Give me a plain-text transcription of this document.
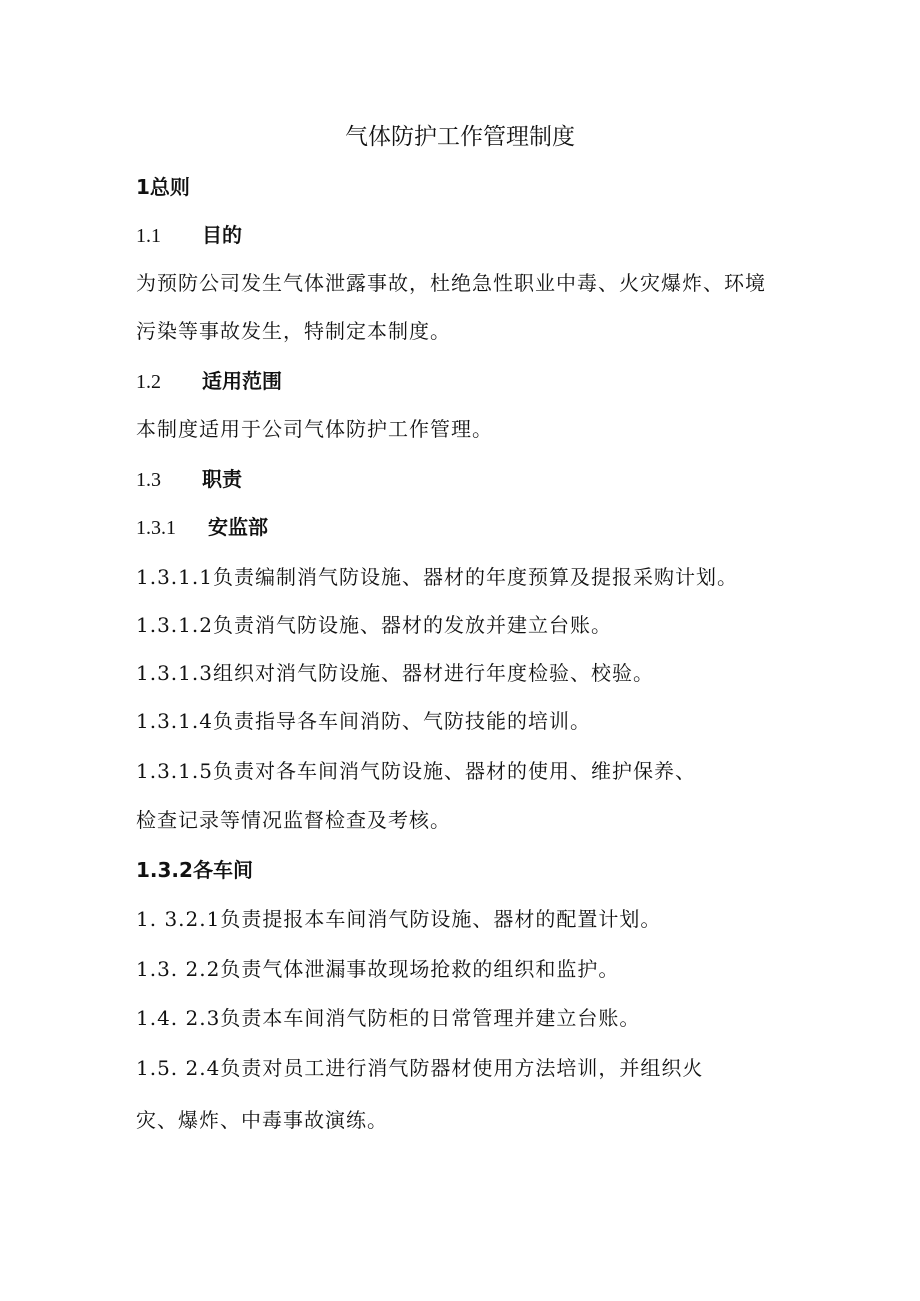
气体防护工作管理制度
1总则
1.1 目的
为预防公司发生气体泄露事故，杜绝急性职业中毒、火灾爆炸、环境
污染等事故发生，特制定本制度。
1.2 适用范围
本制度适用于公司气体防护工作管理。
1.3 职责
1.3.1 安监部
1.3.1.1负责编制消气防设施、器材的年度预算及提报采购计划。
1.3.1.2负责消气防设施、器材的发放并建立台账。
1.3.1.3组织对消气防设施、器材进行年度检验、校验。
1.3.1.4负责指导各车间消防、气防技能的培训。
1.3.1.5负责对各车间消气防设施、器材的使用、维护保养、
检查记录等情况监督检查及考核。
1.3.2各车间
1. 3.2.1负责提报本车间消气防设施、器材的配置计划。
1.3. 2.2负责气体泄漏事故现场抢救的组织和监护。
1.4. 2.3负责本车间消气防柜的日常管理并建立台账。
1.5. 2.4负责对员工进行消气防器材使用方法培训，并组织火
灾、爆炸、中毒事故演练。
